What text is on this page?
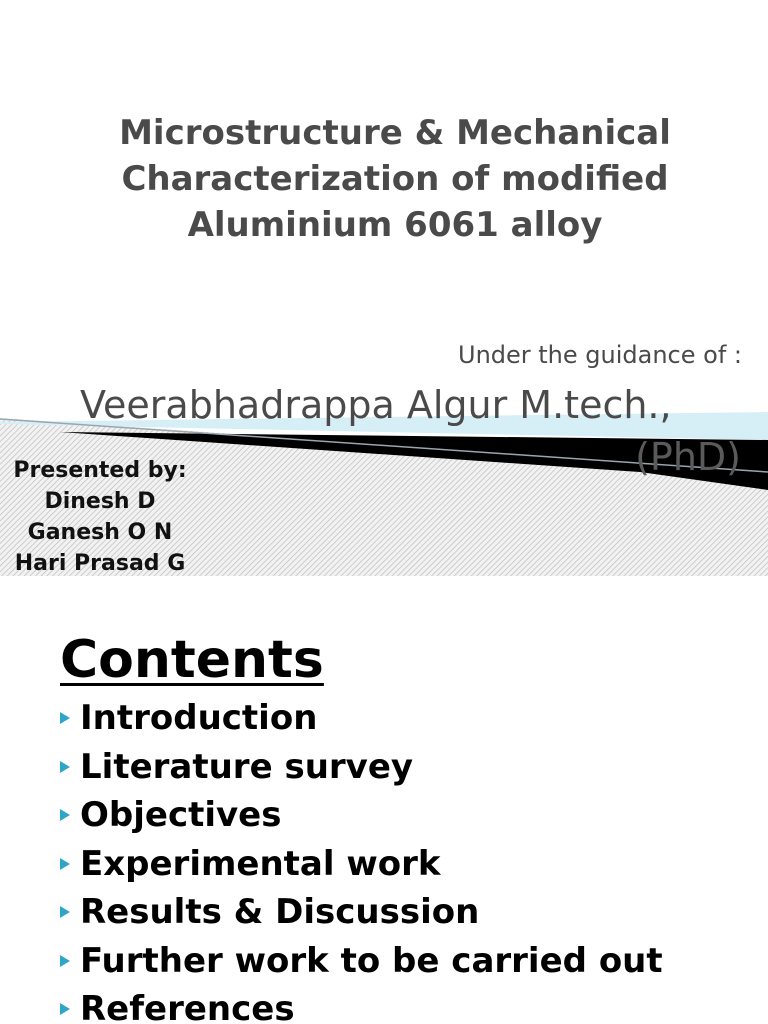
Microstructure & Mechanical Characterization of modified Aluminium 6061 alloy
Under the guidance of :
Veerabhadrappa Algur M.tech.,
(PhD)
Presented by:
Dinesh D
Ganesh O N
Hari Prasad G
Contents
Introduction
Literature survey
Objectives
Experimental work
Results & Discussion
Further work to be carried out
References
